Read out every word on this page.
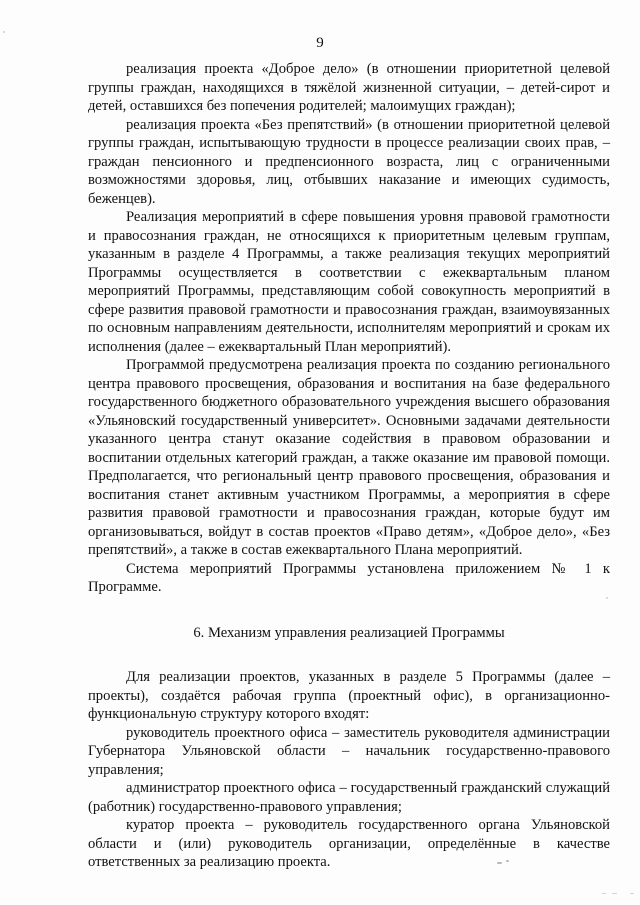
9

реализация проекта «Доброе дело» (в отношении приоритетной целевой группы граждан, находящихся в тяжёлой жизненной ситуации, – детей-сирот и детей, оставшихся без попечения родителей; малоимущих граждан);

реализация проекта «Без препятствий» (в отношении приоритетной целевой группы граждан, испытывающую трудности в процессе реализации своих прав, – граждан пенсионного и предпенсионного возраста, лиц с ограниченными возможностями здоровья, лиц, отбывших наказание и имеющих судимость, беженцев).

Реализация мероприятий в сфере повышения уровня правовой грамотности и правосознания граждан, не относящихся к приоритетным целевым группам, указанным в разделе 4 Программы, а также реализация текущих мероприятий Программы осуществляется в соответствии с ежеквартальным планом мероприятий Программы, представляющим собой совокупность мероприятий в сфере развития правовой грамотности и правосознания граждан, взаимоувязанных по основным направлениям деятельности, исполнителям мероприятий и срокам их исполнения (далее – ежеквартальный План мероприятий).

Программой предусмотрена реализация проекта по созданию регионального центра правового просвещения, образования и воспитания на базе федерального государственного бюджетного образовательного учреждения высшего образования «Ульяновский государственный университет». Основными задачами деятельности указанного центра станут оказание содействия в правовом образовании и воспитании отдельных категорий граждан, а также оказание им правовой помощи. Предполагается, что региональный центр правового просвещения, образования и воспитания станет активным участником Программы, а мероприятия в сфере развития правовой грамотности и правосознания граждан, которые будут им организовываться, войдут в состав проектов «Право детям», «Доброе дело», «Без препятствий», а также в состав ежеквартального Плана мероприятий.

Система мероприятий Программы установлена приложением № 1 к Программе.

6. Механизм управления реализацией Программы

Для реализации проектов, указанных в разделе 5 Программы (далее – проекты), создаётся рабочая группа (проектный офис), в организационно-функциональную структуру которого входят:

руководитель проектного офиса – заместитель руководителя администрации Губернатора Ульяновской области – начальник государственно-правового управления;

администратор проектного офиса – государственный гражданский служащий (работник) государственно-правового управления;

куратор проекта – руководитель государственного органа Ульяновской области и (или) руководитель организации, определённые в качестве ответственных за реализацию проекта.
